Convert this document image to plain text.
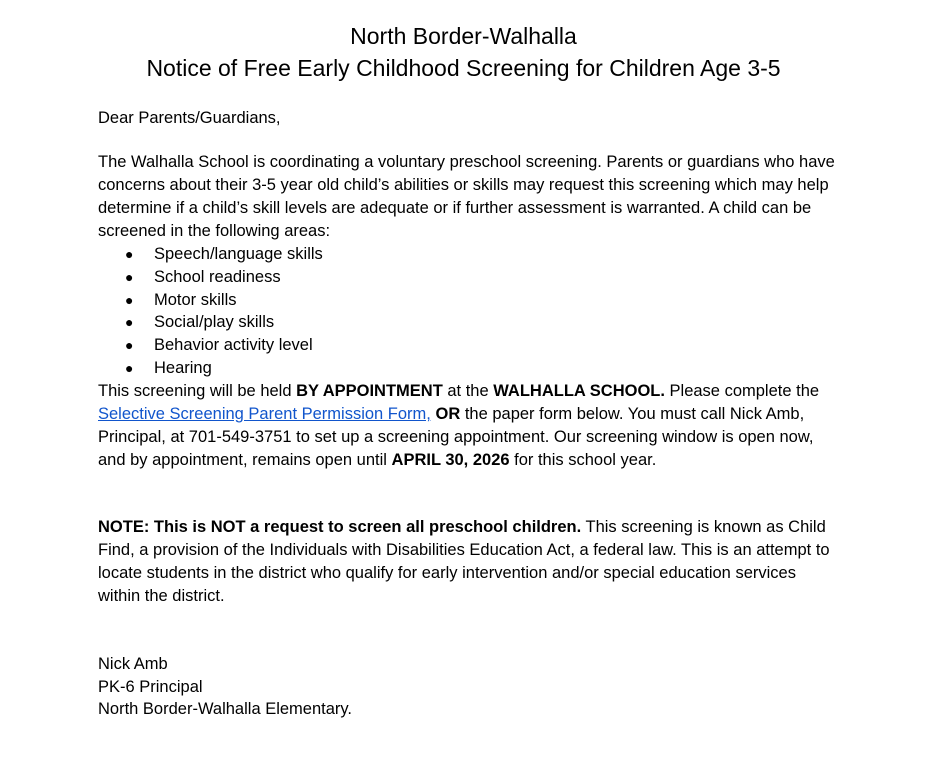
North Border-Walhalla
Notice of Free Early Childhood Screening for Children Age 3-5

Dear Parents/Guardians,

The Walhalla School is coordinating a voluntary preschool screening. Parents or guardians who have concerns about their 3-5 year old child’s abilities or skills may request this screening which may help determine if a child’s skill levels are adequate or if further assessment is warranted. A child can be screened in the following areas:

● Speech/language skills
● School readiness
● Motor skills
● Social/play skills
● Behavior activity level
● Hearing

This screening will be held BY APPOINTMENT at the WALHALLA SCHOOL. Please complete the Selective Screening Parent Permission Form, OR the paper form below. You must call Nick Amb, Principal, at 701-549-3751 to set up a screening appointment. Our screening window is open now, and by appointment, remains open until APRIL 30, 2026 for this school year.

NOTE: This is NOT a request to screen all preschool children. This screening is known as Child Find, a provision of the Individuals with Disabilities Education Act, a federal law. This is an attempt to locate students in the district who qualify for early intervention and/or special education services within the district.

Nick Amb

PK-6 Principal

North Border-Walhalla Elementary.
